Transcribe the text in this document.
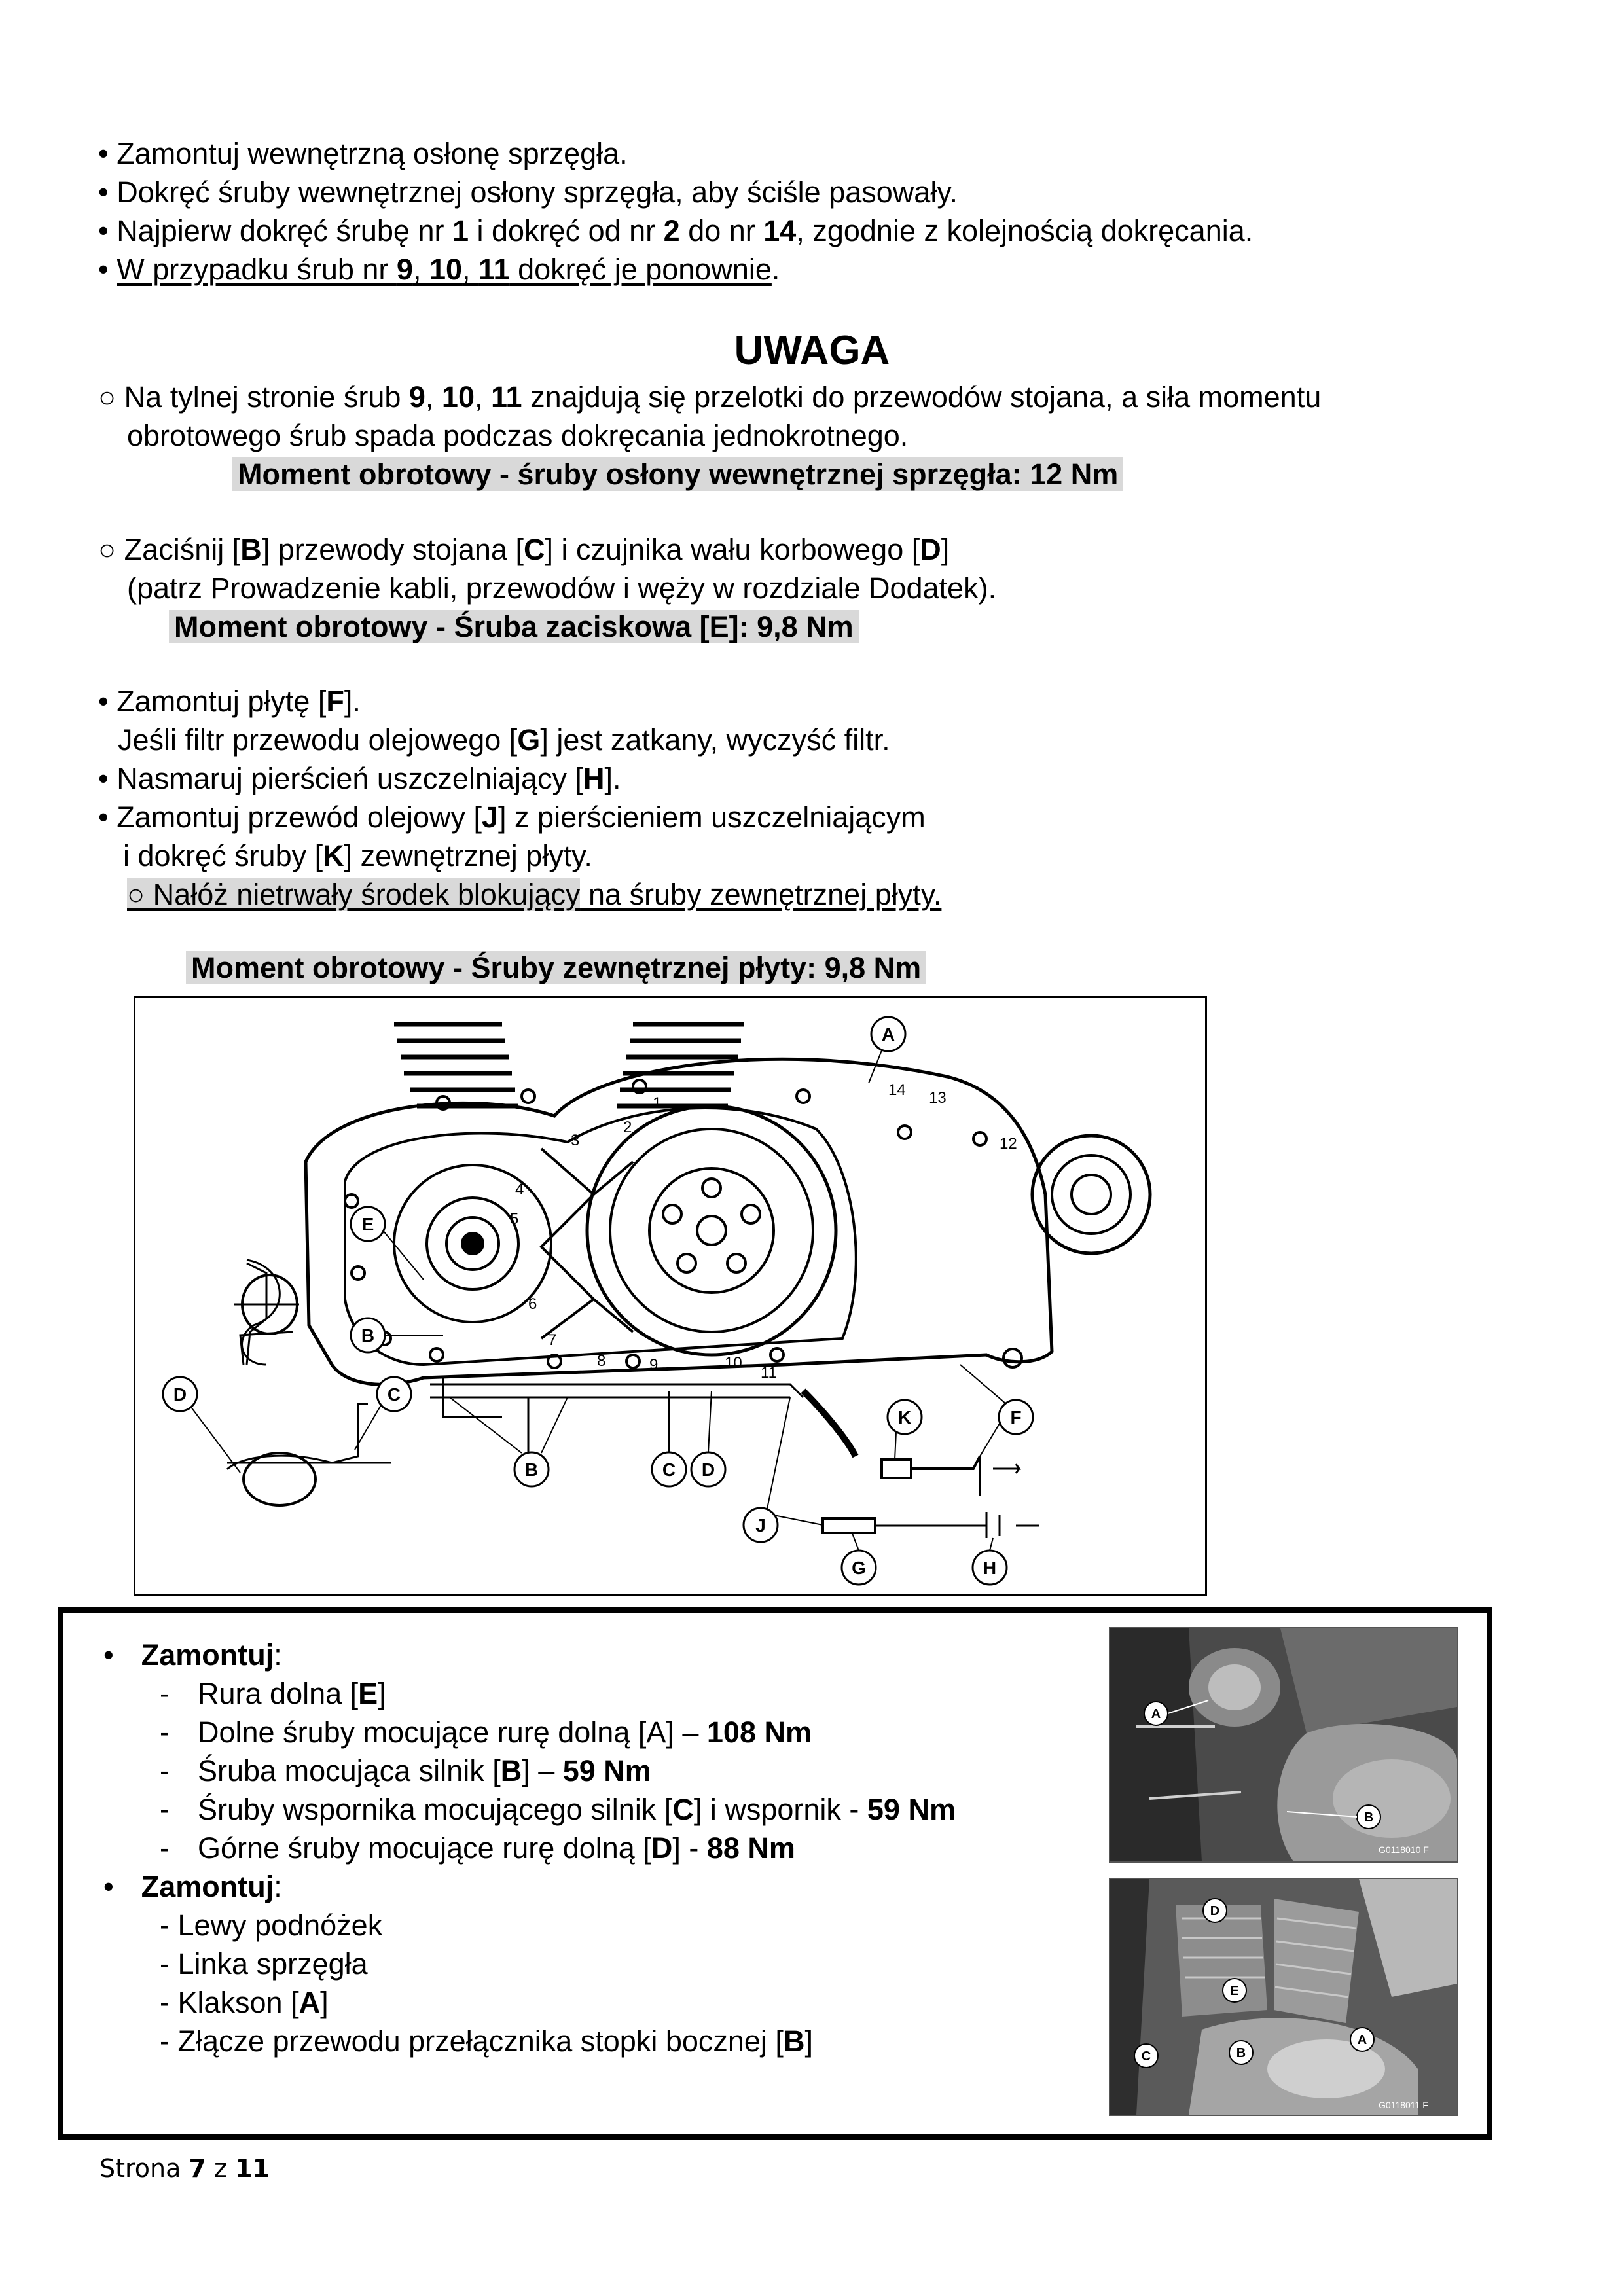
• Zamontuj wewnętrzną osłonę sprzęgła.
• Dokręć śruby wewnętrznej osłony sprzęgła, aby ściśle pasowały.
• Najpierw dokręć śrubę nr 1 i dokręć od nr 2 do nr 14, zgodnie z kolejnością dokręcania.
• W przypadku śrub nr 9, 10, 11 dokręć je ponownie.
UWAGA
○ Na tylnej stronie śrub 9, 10, 11 znajdują się przelotki do przewodów stojana, a siła momentu
obrotowego śrub spada podczas dokręcania jednokrotnego.
Moment obrotowy - śruby osłony wewnętrznej sprzęgła: 12 Nm
○ Zaciśnij [B] przewody stojana [C] i czujnika wału korbowego [D]
(patrz Prowadzenie kabli, przewodów i węży w rozdziale Dodatek).
Moment obrotowy - Śruba zaciskowa [E]: 9,8 Nm
• Zamontuj płytę [F].
Jeśli filtr przewodu olejowego [G] jest zatkany, wyczyść filtr.
• Nasmaruj pierścień uszczelniający [H].
• Zamontuj przewód olejowy [J] z pierścieniem uszczelniającym
i dokręć śruby [K] zewnętrznej płyty.
○ Nałóż nietrwały środek blokujący na śruby zewnętrznej płyty.
Moment obrotowy - Śruby zewnętrznej płyty: 9,8 Nm
1
2
3
4
5
6
7
8	9	10
11
12
13
14
A
B
B
C
C
D
D
E
F
G	H
J
K
• Zamontuj:
- Rura dolna [E]
- Dolne śruby mocujące rurę dolną [A] – 108 Nm
- Śruba mocująca silnik [B] – 59 Nm
- Śruby wspornika mocującego silnik [C] i wspornik - 59 Nm
- Górne śruby mocujące rurę dolną [D] - 88 Nm
• Zamontuj:
- Lewy podnóżek
- Linka sprzęgła
- Klakson [A]
- Złącze przewodu przełącznika stopki bocznej [B]
A
B
G0118010 F
D
E
C	B
A
G0118011 F
Strona 7 z 11
